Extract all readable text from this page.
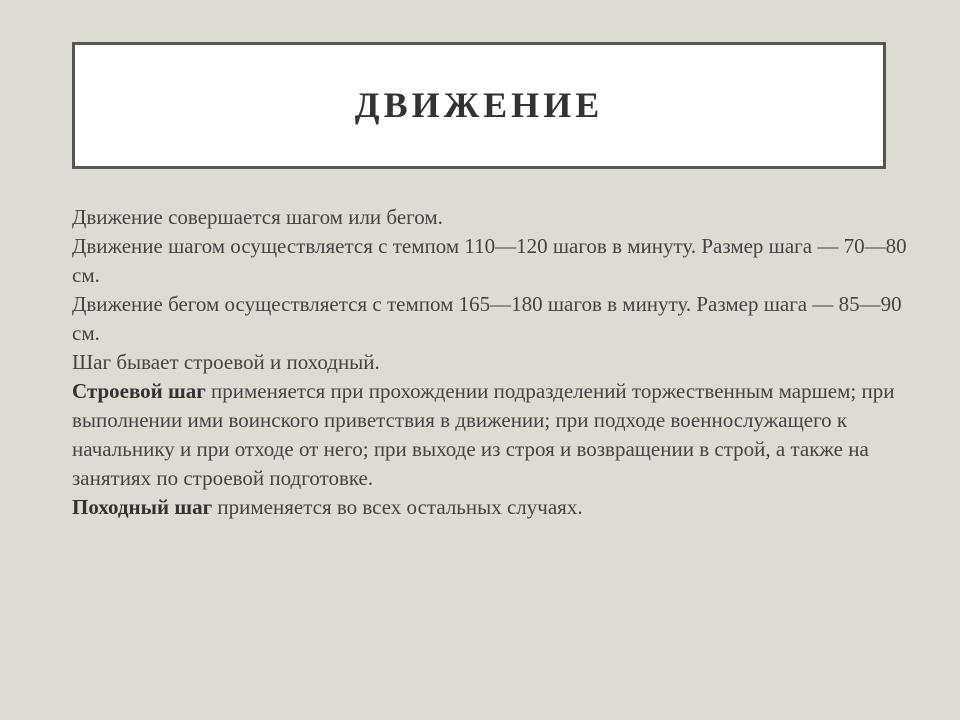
ДВИЖЕНИЕ

Движение совершается шагом или бегом.

Движение шагом осуществляется с темпом 110—120 шагов в минуту. Размер шага — 70—80 см.

Движение бегом осуществляется с темпом 165—180 шагов в минуту. Размер шага — 85—90 см.

Шаг бывает строевой и походный.

Строевой шаг применяется при прохождении подразделений торжественным маршем; при выполнении ими воинского приветствия в движении; при подходе военнослужащего к начальнику и при отходе от него; при выходе из строя и возвращении в строй, а также на занятиях по строевой подготовке.

Походный шаг применяется во всех остальных случаях.
